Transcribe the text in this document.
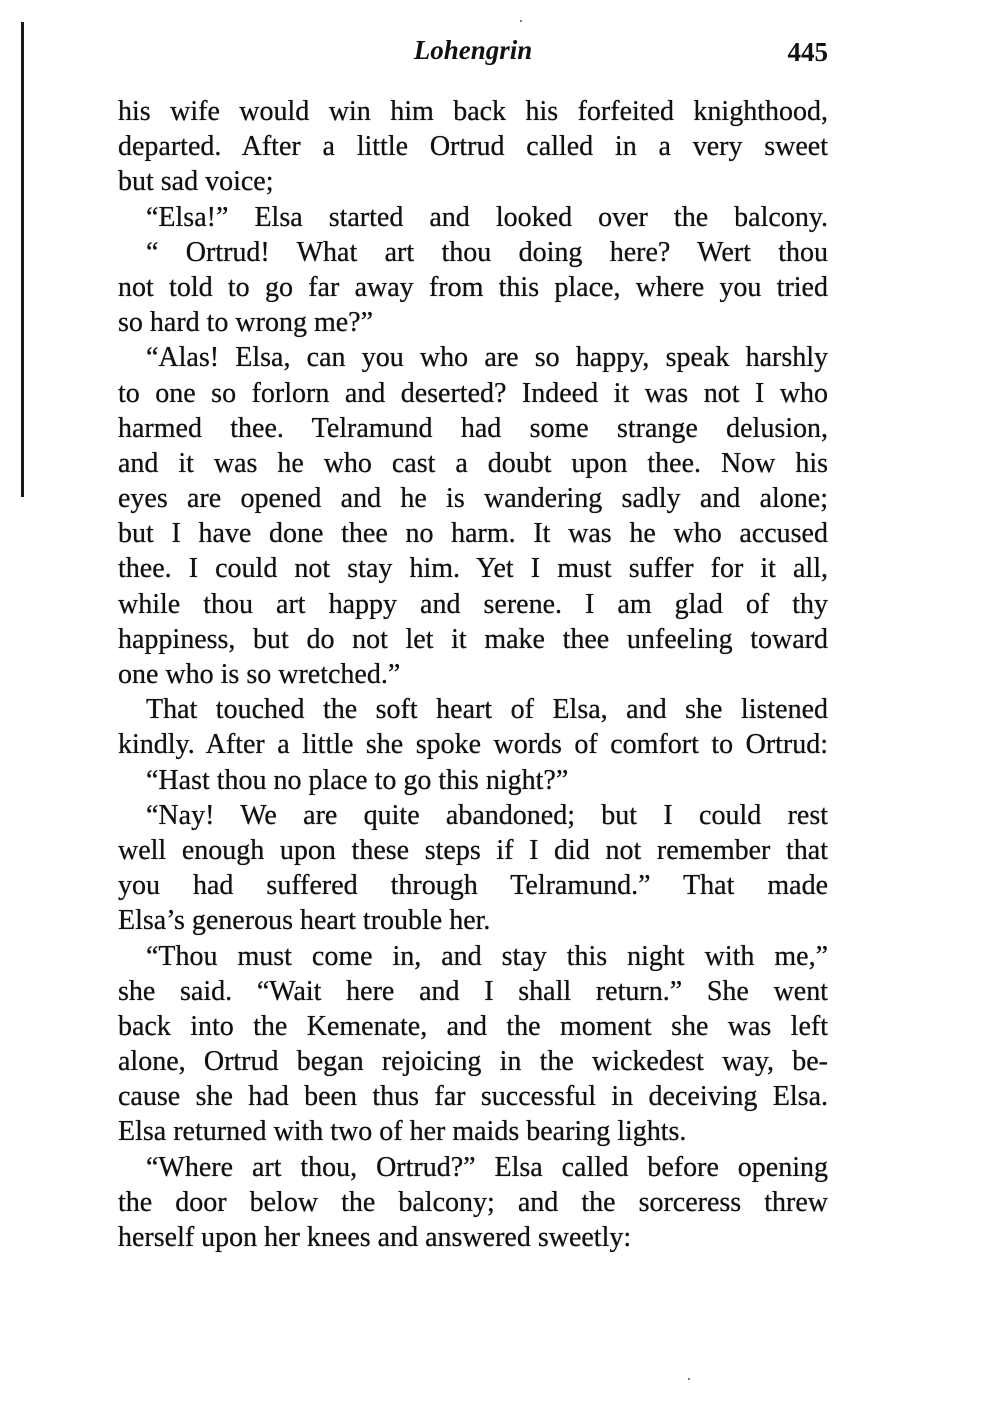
Lohengrin	445
his wife would win him back his forfeited knighthood,
departed. After a little Ortrud called in a very sweet
but sad voice;
“Elsa!” Elsa started and looked over the balcony.
“ Ortrud! What art thou doing here? Wert thou
not told to go far away from this place, where you tried
so hard to wrong me?”
“Alas! Elsa, can you who are so happy, speak harshly
to one so forlorn and deserted? Indeed it was not I who
harmed thee. Telramund had some strange delusion,
and it was he who cast a doubt upon thee. Now his
eyes are opened and he is wandering sadly and alone;
but I have done thee no harm. It was he who accused
thee. I could not stay him. Yet I must suffer for it all,
while thou art happy and serene. I am glad of thy
happiness, but do not let it make thee unfeeling toward
one who is so wretched.”
That touched the soft heart of Elsa, and she listened
kindly. After a little she spoke words of comfort to Ortrud:
“Hast thou no place to go this night?”
“Nay! We are quite abandoned; but I could rest
well enough upon these steps if I did not remember that
you had suffered through Telramund.” That made
Elsa’s generous heart trouble her.
“Thou must come in, and stay this night with me,”
she said. “Wait here and I shall return.” She went
back into the Kemenate, and the moment she was left
alone, Ortrud began rejoicing in the wickedest way, be-
cause she had been thus far successful in deceiving Elsa.
Elsa returned with two of her maids bearing lights.
“Where art thou, Ortrud?” Elsa called before opening
the door below the balcony; and the sorceress threw
herself upon her knees and answered sweetly:
